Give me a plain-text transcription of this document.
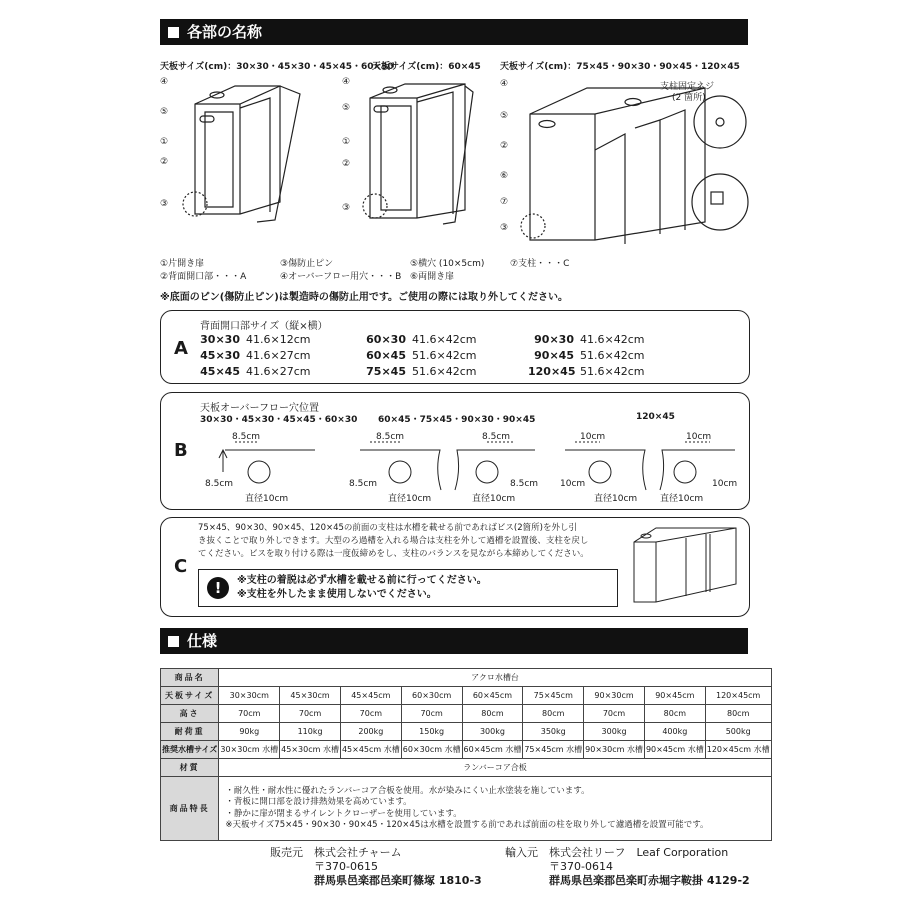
各部の名称
天板サイズ(cm)：30×30・45×30・45×45・60×30
天板サイズ(cm)：60×45 天板サイズ(cm)：75×45・90×30・90×45・120×45
支柱固定ネジ
(2 箇所)
④
⑤
①
②
③
④
⑤
①
②
③
④
⑤
②
⑥
⑦
③
①片開き扉	③傷防止ピン	⑤横穴 (10×5cm)	⑦支柱・・・C
②背面開口部・・・A	④オーバーフロー用穴・・・B ⑥両開き扉
※底面のピン(傷防止ピン)は製造時の傷防止用です。ご使用の際には取り外してください。
A
背面開口部サイズ（縦×横）
30×30 41.6×12cm
45×30 41.6×27cm
45×45 41.6×27cm
60×30 41.6×42cm
60×45 51.6×42cm
75×45 51.6×42cm
90×30 41.6×42cm
90×45 51.6×42cm
120×45 51.6×42cm
B
天板オーバーフロー穴位置
30×30・45×30・45×45・60×30 60×45・75×45・90×30・90×45	120×45
8.5cm
8.5cm
直径10cm
8.5cm
8.5cm
直径10cm
8.5cm
8.5cm
直径10cm
10cm
10cm
直径10cm
10cm
10cm
直径10cm
C
75×45、90×30、90×45、120×45の前面の支柱は水槽を載せる前であればビス(2箇所)を外し引
き抜くことで取り外しできます。大型のろ過槽を入れる場合は支柱を外して過槽を設置後、支柱を戻し
てください。ビスを取り付ける際は一度仮締めをし、支柱のバランスを見ながら本締めしてください。
!	※支柱の着脱は必ず水槽を載せる前に行ってください。
※支柱を外したまま使用しないでください。
仕様
商品名	アクロ水槽台								
天板サイズ	30×30cm	45×30cm	45×45cm	60×30cm	60×45cm	75×45cm	90×30cm	90×45cm	120×45cm
高さ	70cm	70cm	70cm	70cm	80cm	80cm	70cm	80cm	80cm
耐荷重	90kg	110kg	200kg	150kg	300kg	350kg	300kg	400kg	500kg
推奨水槽サイズ	30×30cm 水槽	45×30cm 水槽	45×45cm 水槽	60×30cm 水槽	60×45cm 水槽	75×45cm 水槽	90×30cm 水槽	90×45cm 水槽	120×45cm 水槽
材質	ランバーコア合板								
商品特長	・耐久性・耐水性に優れたランバーコア合板を使用。水が染みにくい止水塗装を施しています。
・背板に開口部を設け排熱効果を高めています。
・静かに扉が閉まるサイレントクローザーを使用しています。
※天板サイズ75×45・90×30・90×45・120×45は水槽を設置する前であれば前面の柱を取り外して濾過槽を設置可能です。								
販売元　 株式会社チャーム
〒370-0615
群馬県邑楽郡邑楽町篠塚 1810-3
輸入元　 株式会社リーフ　Leaf Corporation
〒370-0614
群馬県邑楽郡邑楽町赤堀字鞍掛 4129-2
